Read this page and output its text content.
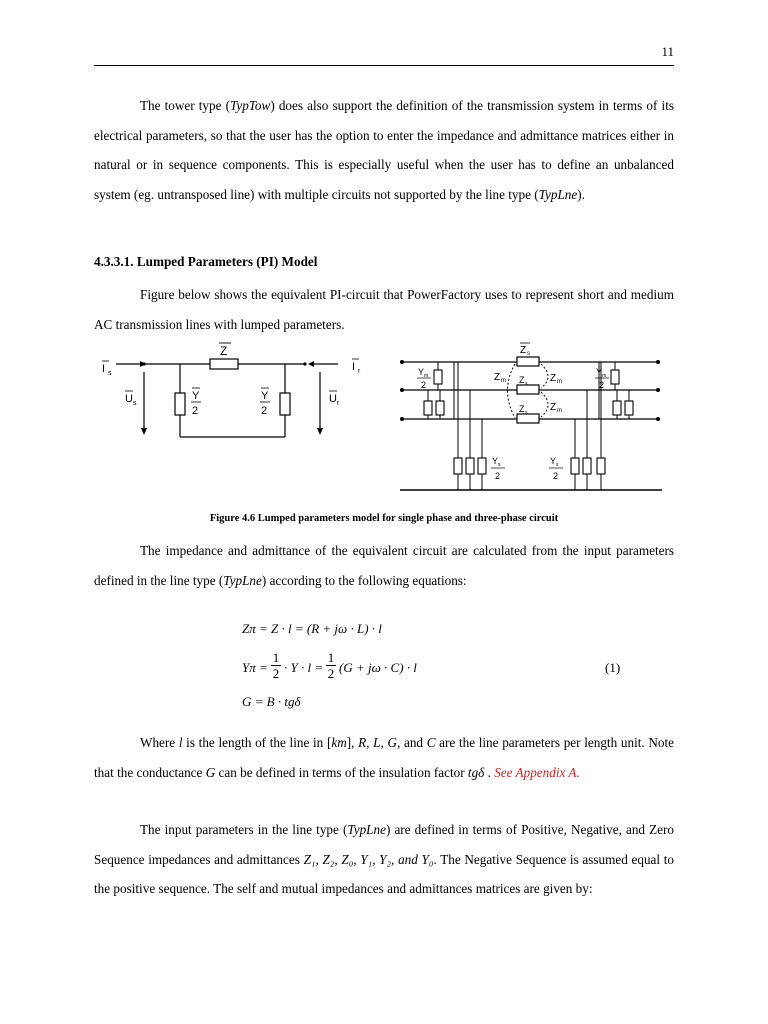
11

The tower type (TypTow) does also support the definition of the transmission system in terms of its electrical parameters, so that the user has the option to enter the impedance and admittance matrices either in natural or in sequence components. This is especially useful when the user has to define an unbalanced system (eg. untransposed line) with multiple circuits not supported by the line type (TypLne).

4.3.3.1. Lumped Parameters (PI) Model

Figure below shows the equivalent PI-circuit that PowerFactory uses to represent short and medium AC transmission lines with lumped parameters.

Z
Y
2
Y
2
I s
I r
U s	U r
Z s
Z s
Z s
Z m	Z m
Z m
Y m
2
Y m
2
Y s
2
Y s
2
Figure 4.6 Lumped parameters model for single phase and three-phase circuit

The impedance and admittance of the equivalent circuit are calculated from the input parameters defined in the line type (TypLne) according to the following equations:

Zπ = Z · l = (R + jω · L) · l
$Y\pi = \frac{1}{2} \cdot Y \cdot l = \frac{1}{2} (G + j\omega \cdot C) \cdot l$	(1)
G = B · tgδ

Where l is the length of the line in [km], R, L, G, and C are the line parameters per length unit. Note that the conductance G can be defined in terms of the insulation factor tgδ . See Appendix A.

The input parameters in the line type (TypLne) are defined in terms of Positive, Negative, and Zero Sequence impedances and admittances Z₁, Z₂, Z₀, Y₁, Y₂, and Y₀. The Negative Sequence is assumed equal to the positive sequence. The self and mutual impedances and admittances matrices are given by:
